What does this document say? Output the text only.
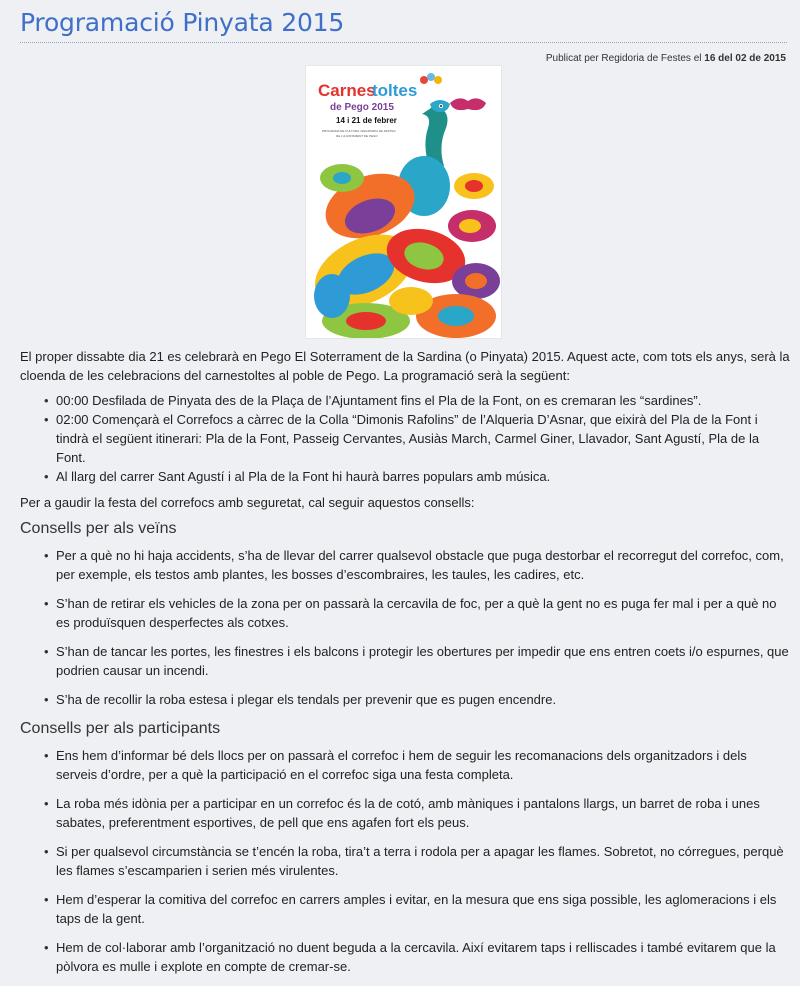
Programació Pinyata 2015
Publicat per Regidoria de Festes el 16 del 02 de 2015
Carnes
toltes
de Pego 2015
14 i 21 de febrer
PROGRAMA DE CULTURA i REGIDORIA DE FESTES
DE L'AJUNTAMENT DE PEGO

El proper dissabte dia 21 es celebrarà en Pego El Soterrament de la Sardina (o Pinyata) 2015. Aquest acte, com tots els anys, serà la cloenda de les celebracions del carnestoltes al poble de Pego. La programació serà la següent:

• 00:00 Desfilada de Pinyata des de la Plaça de l’Ajuntament fins el Pla de la Font, on es cremaran les “sardines”.
• 02:00 Començarà el Correfocs a càrrec de la Colla “Dimonis Rafolins” de l’Alqueria D’Asnar, que eixirà del Pla de la Font i tindrà el següent itinerari: Pla de la Font, Passeig Cervantes, Ausiàs March, Carmel Giner, Llavador, Sant Agustí, Pla de la Font.
• Al llarg del carrer Sant Agustí i al Pla de la Font hi haurà barres populars amb música.

Per a gaudir la festa del correfocs amb seguretat, cal seguir aquestos consells:

Consells per als veïns
• Per a què no hi haja accidents, s’ha de llevar del carrer qualsevol obstacle que puga destorbar el recorregut del correfoc, com, per exemple, els testos amb plantes, les bosses d’escombraires, les taules, les cadires, etc.
• S’han de retirar els vehicles de la zona per on passarà la cercavila de foc, per a què la gent no es puga fer mal i per a què no es produïsquen desperfectes als cotxes.
• S’han de tancar les portes, les finestres i els balcons i protegir les obertures per impedir que ens entren coets i/o espurnes, que podrien causar un incendi.
• S’ha de recollir la roba estesa i plegar els tendals per prevenir que es pugen encendre.
Consells per als participants
• Ens hem d’informar bé dels llocs per on passarà el correfoc i hem de seguir les recomanacions dels organitzadors i dels serveis d’ordre, per a què la participació en el correfoc siga una festa completa.
• La roba més idònia per a participar en un correfoc és la de cotó, amb màniques i pantalons llargs, un barret de roba i unes sabates, preferentment esportives, de pell que ens agafen fort els peus.
• Si per qualsevol circumstància se t’encén la roba, tira’t a terra i rodola per a apagar les flames. Sobretot, no córregues, perquè les flames s’escamparien i serien més virulentes.
• Hem d’esperar la comitiva del correfoc en carrers amples i evitar, en la mesura que ens siga possible, les aglomeracions i els taps de la gent.
• Hem de col·laborar amb l’organització no duent beguda a la cercavila. Així evitarem taps i relliscades i també evitarem que la pòlvora es mulle i explote en compte de cremar-se.
